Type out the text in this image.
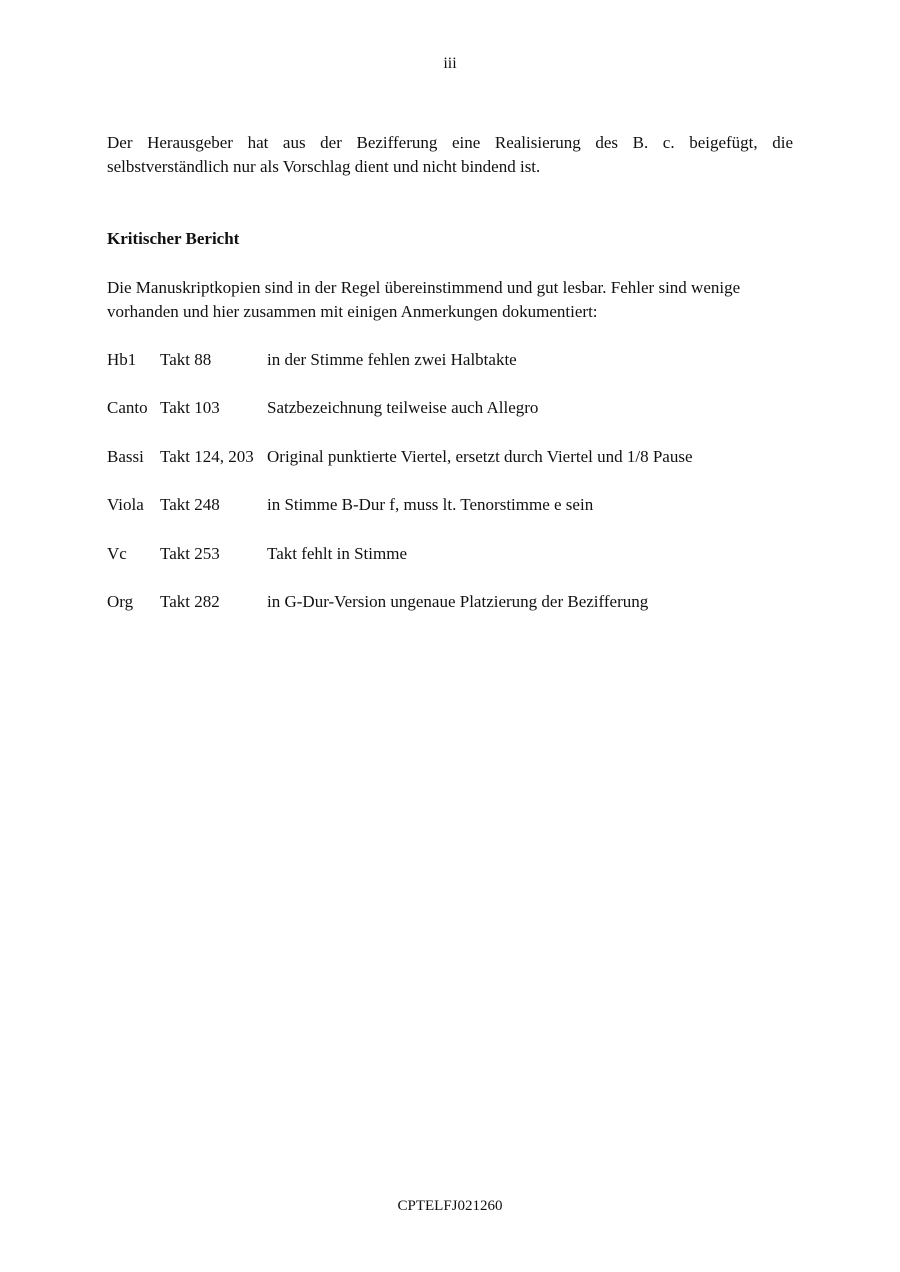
iii

Der Herausgeber hat aus der Bezifferung eine Realisierung des B. c. beigefügt, die selbstverständlich nur als Vorschlag dient und nicht bindend ist.

Kritischer Bericht

Die Manuskriptkopien sind in der Regel übereinstimmend und gut lesbar. Fehler sind wenige vorhanden und hier zusammen mit einigen Anmerkungen dokumentiert:

Hb1 Takt 88	in der Stimme fehlen zwei Halbtakte
Canto Takt 103	Satzbezeichnung teilweise auch Allegro
Bassi Takt 124, 203 Original punktierte Viertel, ersetzt durch Viertel und 1/8 Pause
Viola Takt 248	in Stimme B-Dur f, muss lt. Tenorstimme e sein
Vc Takt 253	Takt fehlt in Stimme
Org Takt 282	in G-Dur-Version ungenaue Platzierung der Bezifferung
CPTELFJ021260
